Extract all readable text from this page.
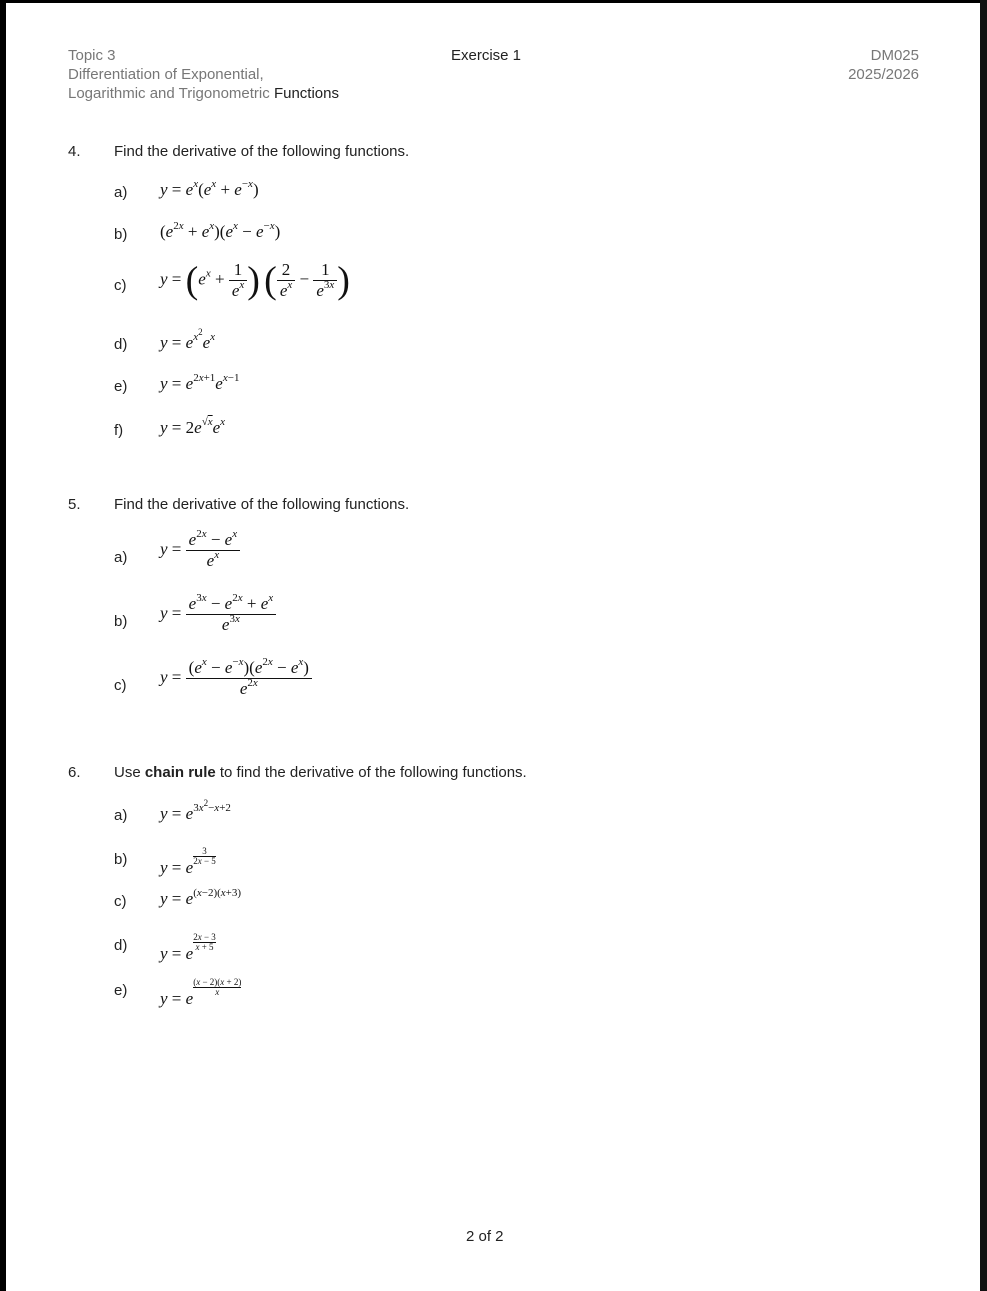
Topic 3
Differentiation of Exponential,
Logarithmic and Trigonometric Functions
Exercise 1	DM025
2025/2026
4. Find the derivative of the following functions.
a)	$y = e^x(e^x + e^{-x})$
b)	$(e^{2x} + e^x)(e^x - e^{-x})$
c)	$y = (e^x + \frac{1}{e^x}$ ) ( $\frac{2}{e^x} - \frac{1}{e^{3x}}$ )
d)	$y = e^{x^2}e^x$
e)	$y = e^{2x+1}e^{x-1}$
f)	$y = 2e^{√x}e^x$
5. Find the derivative of the following functions.
a)	$y = \frac{e^{2x} - e^x}{e^x}$
b)	$y = \frac{e^{3x} - e^{2x} + e^x}{e^{3x}}$
c)	$y = \frac{(e^x - e^{-x})(e^{2x} - e^x)}{e^{2x}}$
6. Use chain rule to find the derivative of the following functions.
a)	$y = e^{3x^2-x+2}$
b)	y = e
$\frac{3}{2x - 5}$
c)	$y = e^{(x-2)(x+3)}$
d)	y = e
$\frac{2x - 3}{x + 5}$
e)	y = e
$\frac{(x - 2)(x + 2)}{x}$
2 of 2
